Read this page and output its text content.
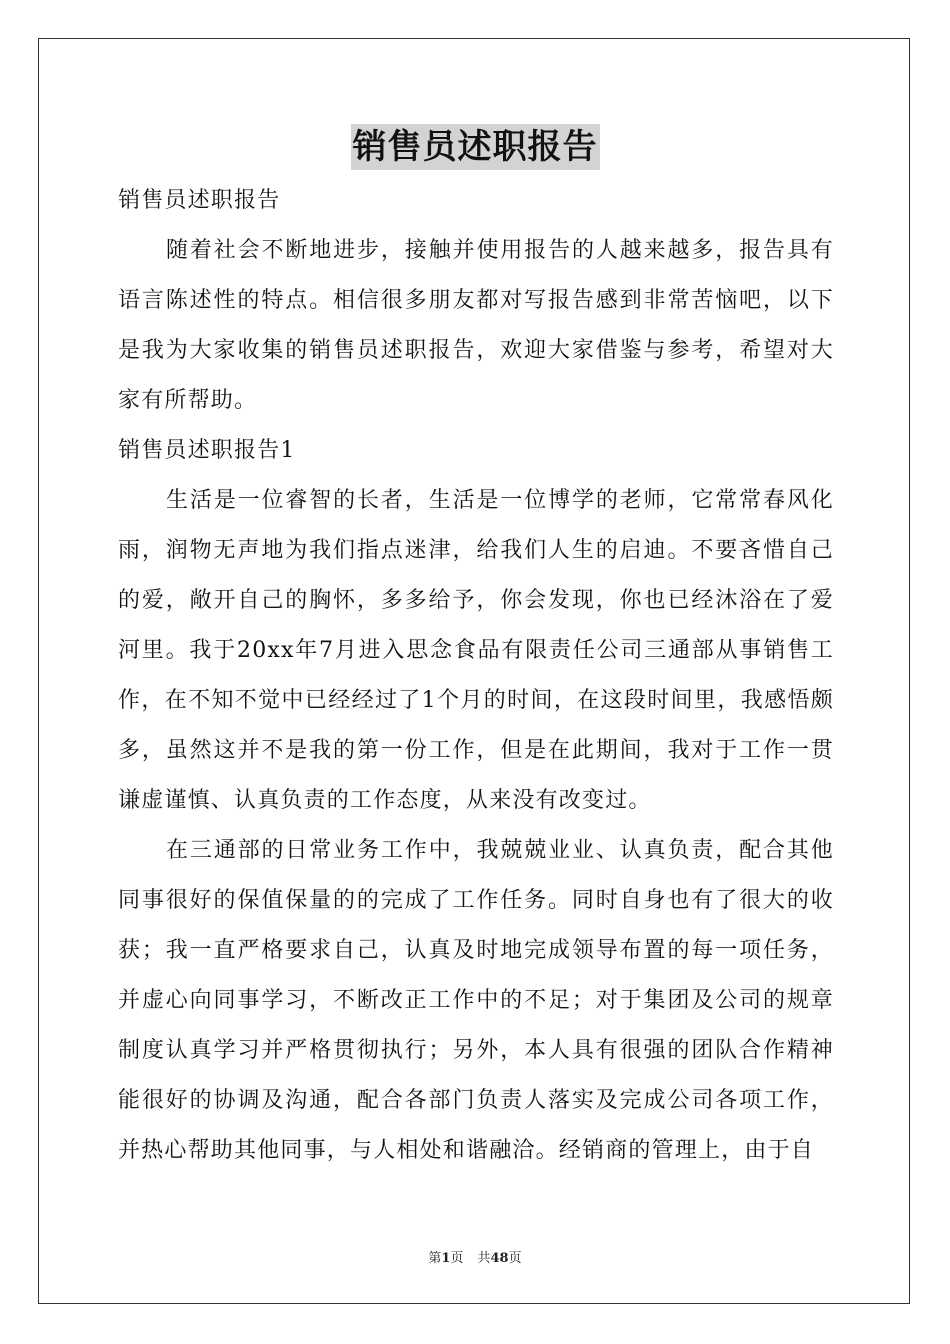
销售员述职报告

销售员述职报告

随着社会不断地进步，接触并使用报告的人越来越多，报告具有语言陈述性的特点。相信很多朋友都对写报告感到非常苦恼吧，以下是我为大家收集的销售员述职报告，欢迎大家借鉴与参考，希望对大家有所帮助。

销售员述职报告1

生活是一位睿智的长者，生活是一位博学的老师，它常常春风化雨，润物无声地为我们指点迷津，给我们人生的启迪。不要吝惜自己的爱，敞开自己的胸怀，多多给予，你会发现，你也已经沐浴在了爱河里。我于20xx年7月进入思念食品有限责任公司三通部从事销售工作，在不知不觉中已经经过了1个月的时间，在这段时间里，我感悟颇多，虽然这并不是我的第一份工作，但是在此期间，我对于工作一贯谦虚谨慎、认真负责的工作态度，从来没有改变过。

在三通部的日常业务工作中，我兢兢业业、认真负责，配合其他同事很好的保值保量的的完成了工作任务。同时自身也有了很大的收获；我一直严格要求自己，认真及时地完成领导布置的每一项任务，并虚心向同事学习，不断改正工作中的不足；对于集团及公司的规章制度认真学习并严格贯彻执行；另外，本人具有很强的团队合作精神能很好的协调及沟通，配合各部门负责人落实及完成公司各项工作，并热心帮助其他同事，与人相处和谐融洽。经销商的管理上，由于自

第1页 共48页
